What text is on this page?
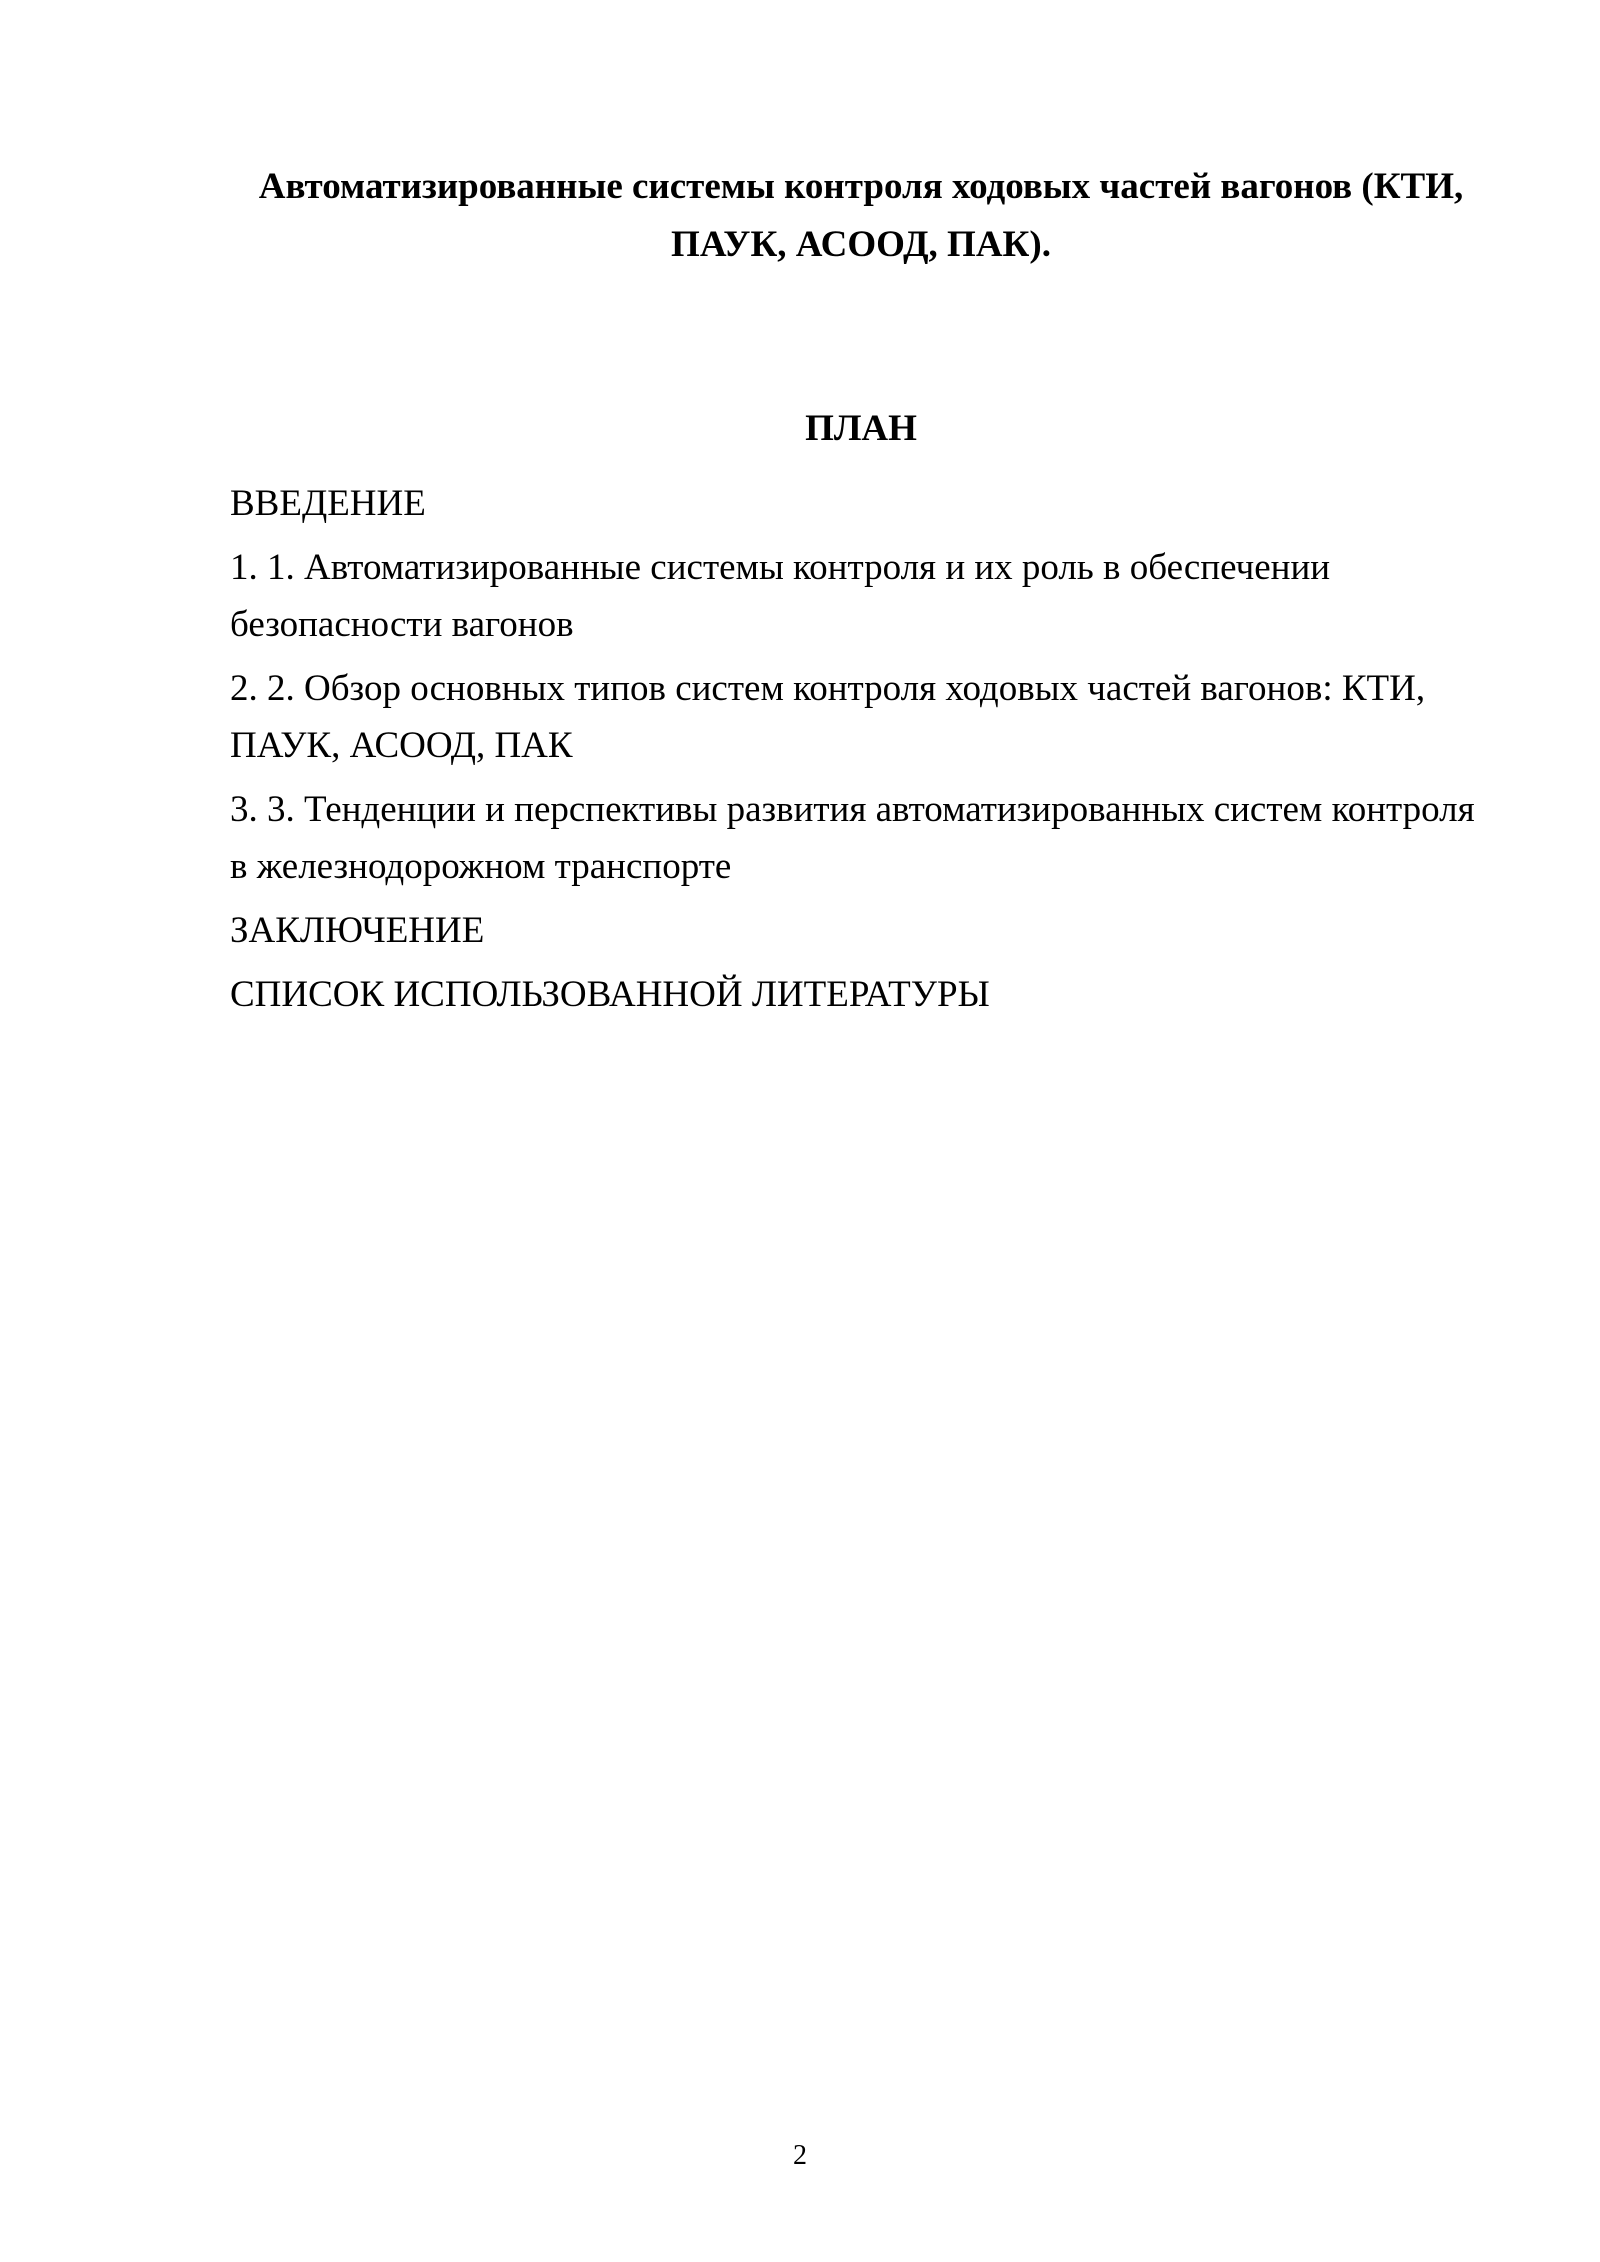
Автоматизированные системы контроля ходовых частей вагонов (КТИ, ПАУК, АСООД, ПАК).
ПЛАН
ВВЕДЕНИЕ
1. 1. Автоматизированные системы контроля и их роль в обеспечении безопасности вагонов
2. 2. Обзор основных типов систем контроля ходовых частей вагонов: КТИ, ПАУК, АСООД, ПАК
3. 3. Тенденции и перспективы развития автоматизированных систем контроля в железнодорожном транспорте
ЗАКЛЮЧЕНИЕ
СПИСОК ИСПОЛЬЗОВАННОЙ ЛИТЕРАТУРЫ
2
